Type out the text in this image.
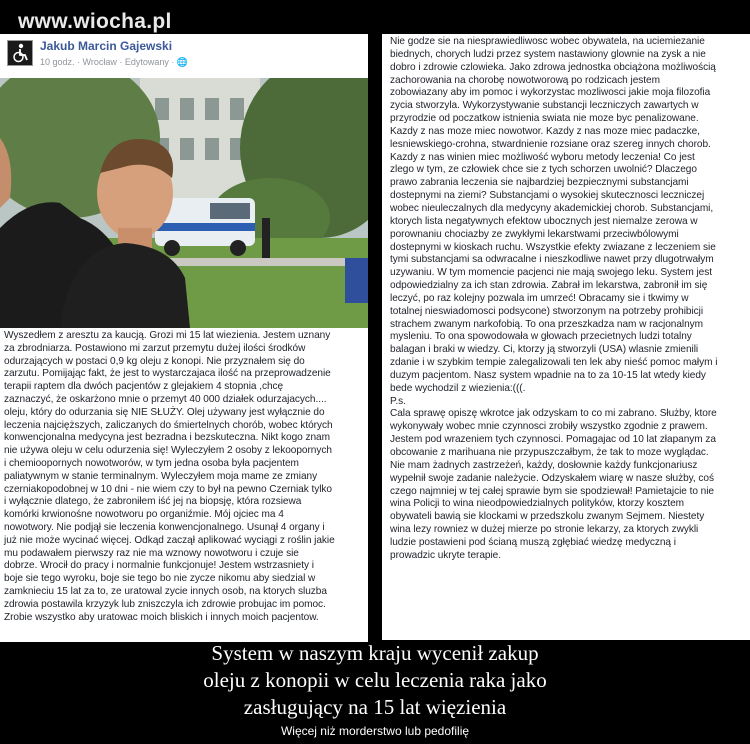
www.wiocha.pl
Jakub Marcin Gajewski
10 godz. · Wrocław · Edytowany · 🌐
Wyszedłem z aresztu za kaucją. Grozi mi 15 lat wiezienia. Jestem uznany
za zbrodniarza. Postawiono mi zarzut przemytu dużej ilości środków
odurzających w postaci 0,9 kg oleju z konopi. Nie przyznałem się do
zarzutu. Pomijając fakt, że jest to wystarczajaca ilość na przeprowadzenie
terapii raptem dla dwóch pacjentów z glejakiem 4 stopnia ,chcę
zaznaczyć, że oskarżono mnie o przemyt 40 000 działek odurzajacych....
oleju, który do odurzania się NIE SŁUŻY. Olej używany jest wyłącznie do
leczenia najcięższych, zaliczanych do śmiertelnych chorób, wobec których
konwencjonalna medycyna jest bezradna i bezskuteczna. Nikt kogo znam
nie używa oleju w celu odurzenia się! Wyleczyłem 2 osoby z lekoopornych
i chemioopornych nowotworów, w tym jedna osoba była pacjentem
paliatywnym w stanie terminalnym. Wyleczyłem moja mame ze zmiany
czerniakopodobnej w 10 dni - nie wiem czy to był na pewno Czerniak tylko
i wyłącznie dlatego, że zabroniłem iść jej na biopsję, która rozsiewa
komórki krwionośne nowotworu po organiźmie. Mój ojciec ma 4
nowotwory. Nie podjął sie leczenia konwencjonalnego. Usunął 4 organy i
już nie może wycinać więcej. Odkąd zaczął aplikować wyciągi z roślin jakie
mu podawałem pierwszy raz nie ma wznowy nowotworu i czuje sie
dobrze. Wrocił do pracy i normalnie funkcjonuje! Jestem wstrzasniety i
boje sie tego wyroku, boje sie tego bo nie zycze nikomu aby siedzial w
zamknieciu 15 lat za to, ze uratowal zycie innych osob, na ktorych sluzba
zdrowia postawila krzyzyk lub zniszczyla ich zdrowie probujac im pomoc.
Zrobie wszystko aby uratowac moich bliskich i innych moich pacjentow.
Nie godze sie na niesprawiedliwosc wobec obywatela, na uciemiezanie
biednych, chorych ludzi przez system nastawiony glownie na zysk a nie
dobro i zdrowie czlowieka. Jako zdrowa jednostka obciążona możliwością
zachorowania na chorobę nowotworową po rodzicach jestem
zobowiazany aby im pomoc i wykorzystac mozliwosci jakie moja filozofia
zycia stworzyla. Wykorzystywanie substancji leczniczych zawartych w
przyrodzie od poczatkow istnienia swiata nie moze byc penalizowane.
Kazdy z nas moze miec nowotwor. Kazdy z nas moze miec padaczke,
lesniewskiego-crohna, stwardnienie rozsiane oraz szereg innych chorob.
Kazdy z nas winien miec możliwość wyboru metody leczenia! Co jest
zlego w tym, ze człowiek chce sie z tych schorzen uwolnić? Dlaczego
prawo zabrania leczenia sie najbardziej bezpiecznymi substancjami
dostepnymi na ziemi? Substancjami o wysokiej skutecznosci leczniczej
wobec nieuleczalnych dla medycyny akademickiej chorob. Substancjami,
ktorych lista negatywnych efektow ubocznych jest niemalze zerowa w
porownaniu chociazby ze zwykłymi lekarstwami przeciwbólowymi
dostepnymi w kioskach ruchu. Wszystkie efekty zwiazane z leczeniem sie
tymi substancjami sa odwracalne i nieszkodliwe nawet przy dlugotrwałym
uzywaniu. W tym momencie pacjenci nie mają swojego leku. System jest
odpowiedzialny za ich stan zdrowia. Zabrał im lekarstwa, zabronił im się
leczyć, po raz kolejny pozwala im umrzeć! Obracamy sie i tkwimy w
totalnej nieswiadomosci podsycone) stworzonym na potrzeby prohibicji
strachem zwanym narkofobią. To ona przeszkadza nam w racjonalnym
mysleniu. To ona spowodowała w głowach przecietnych ludzi totalny
balagan i braki w wiedzy. Ci, ktorzy ją stworzyli (USA) wlasnie zmienili
zdanie i w szybkim tempie zalegalizowali ten lek aby nieść pomoc małym i
duzym pacjentom. Nasz system wpadnie na to za 10-15 lat wtedy kiedy
bede wychodzil z wiezienia:(((.
P.s.
Cala sprawę opiszę wkrotce jak odzyskam to co mi zabrano. Służby, ktore
wykonywały wobec mnie czynnosci zrobiły wszystko zgodnie z prawem.
Jestem pod wrazeniem tych czynnosci. Pomagajac od 10 lat złapanym za
obcowanie z marihuana nie przypuszczałbym, że tak to moze wyglądac.
Nie mam żadnych zastrzeżeń, każdy, dosłownie każdy funkcjonariusz
wypełnił swoje zadanie należycie. Odzyskałem wiarę w nasze służby, coś
czego najmniej w tej całej sprawie bym sie spodziewał! Pamietajcie to nie
wina Policji to wina nieodpowiedzialnych polityków, ktorzy kosztem
obywateli bawią sie klockami w przedszkolu zwanym Sejmem. Niestety
wina lezy rowniez w dużej mierze po stronie lekarzy, za ktorych zwykli
ludzie postawieni pod ścianą muszą zgłębiać wiedzę medyczną i
prowadzic ukryte terapie.
System w naszym kraju wycenił zakup
oleju z konopii w celu leczenia raka jako
zasługujący na 15 lat więzienia
Więcej niż morderstwo lub pedofilię
